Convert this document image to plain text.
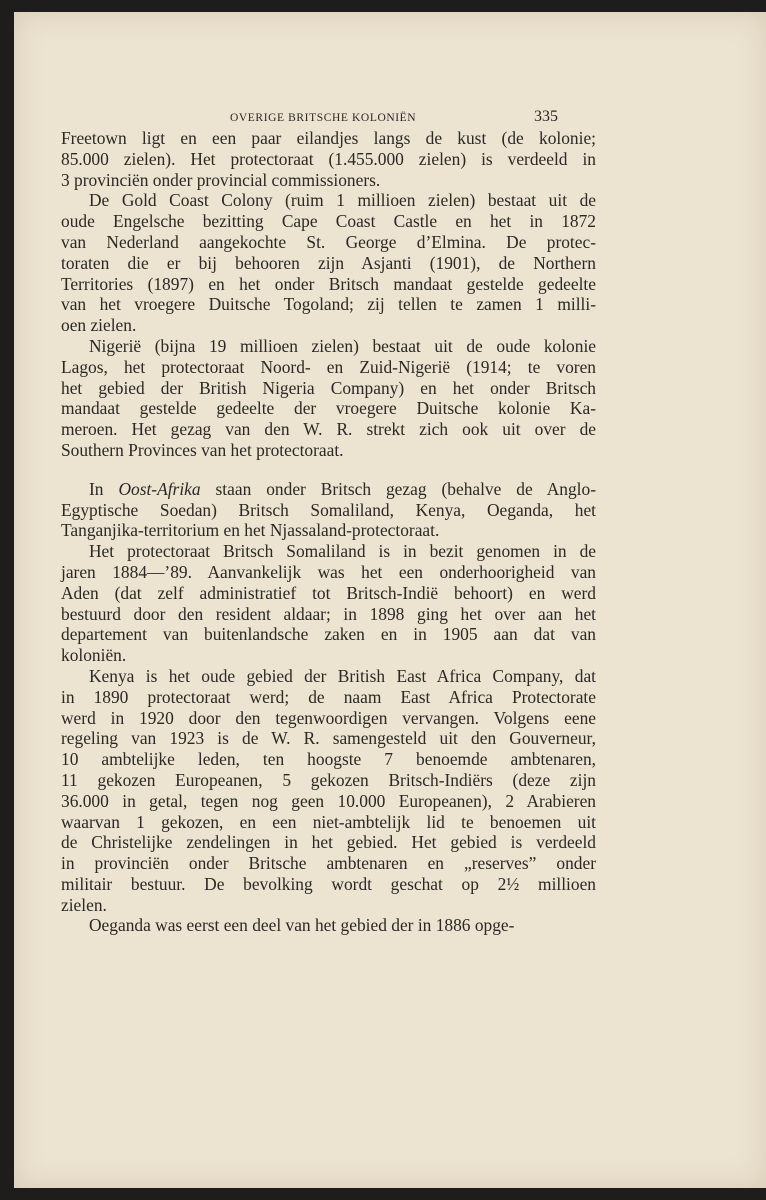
OVERIGE BRITSCHE KOLONIËN	335

Freetown ligt en een paar eilandjes langs de kust (de kolonie;
85.000 zielen). Het protectoraat (1.455.000 zielen) is verdeeld in
3 provinciën onder provincial commissioners.

De Gold Coast Colony (ruim 1 millioen zielen) bestaat uit de
oude Engelsche bezitting Cape Coast Castle en het in 1872
van Nederland aangekochte St. George d’Elmina. De protec-
toraten die er bij behooren zijn Asjanti (1901), de Northern
Territories (1897) en het onder Britsch mandaat gestelde gedeelte
van het vroegere Duitsche Togoland; zij tellen te zamen 1 milli-
oen zielen.

Nigerië (bijna 19 millioen zielen) bestaat uit de oude kolonie
Lagos, het protectoraat Noord- en Zuid-Nigerië (1914; te voren
het gebied der British Nigeria Company) en het onder Britsch
mandaat gestelde gedeelte der vroegere Duitsche kolonie Ka-
meroen. Het gezag van den W. R. strekt zich ook uit over de
Southern Provinces van het protectoraat.

In Oost-Afrika staan onder Britsch gezag (behalve de Anglo-
Egyptische Soedan) Britsch Somaliland, Kenya, Oeganda, het
Tanganjika-territorium en het Njassaland-protectoraat.

Het protectoraat Britsch Somaliland is in bezit genomen in de
jaren 1884—’89. Aanvankelijk was het een onderhoorigheid van
Aden (dat zelf administratief tot Britsch-Indië behoort) en werd
bestuurd door den resident aldaar; in 1898 ging het over aan het
departement van buitenlandsche zaken en in 1905 aan dat van
koloniën.

Kenya is het oude gebied der British East Africa Company, dat
in 1890 protectoraat werd; de naam East Africa Protectorate
werd in 1920 door den tegenwoordigen vervangen. Volgens eene
regeling van 1923 is de W. R. samengesteld uit den Gouverneur,
10 ambtelijke leden, ten hoogste 7 benoemde ambtenaren,
11 gekozen Europeanen, 5 gekozen Britsch-Indiërs (deze zijn
36.000 in getal, tegen nog geen 10.000 Europeanen), 2 Arabieren
waarvan 1 gekozen, en een niet-ambtelijk lid te benoemen uit
de Christelijke zendelingen in het gebied. Het gebied is verdeeld
in provinciën onder Britsche ambtenaren en „reserves” onder
militair bestuur. De bevolking wordt geschat op 2½ millioen
zielen.

Oeganda was eerst een deel van het gebied der in 1886 opge-
